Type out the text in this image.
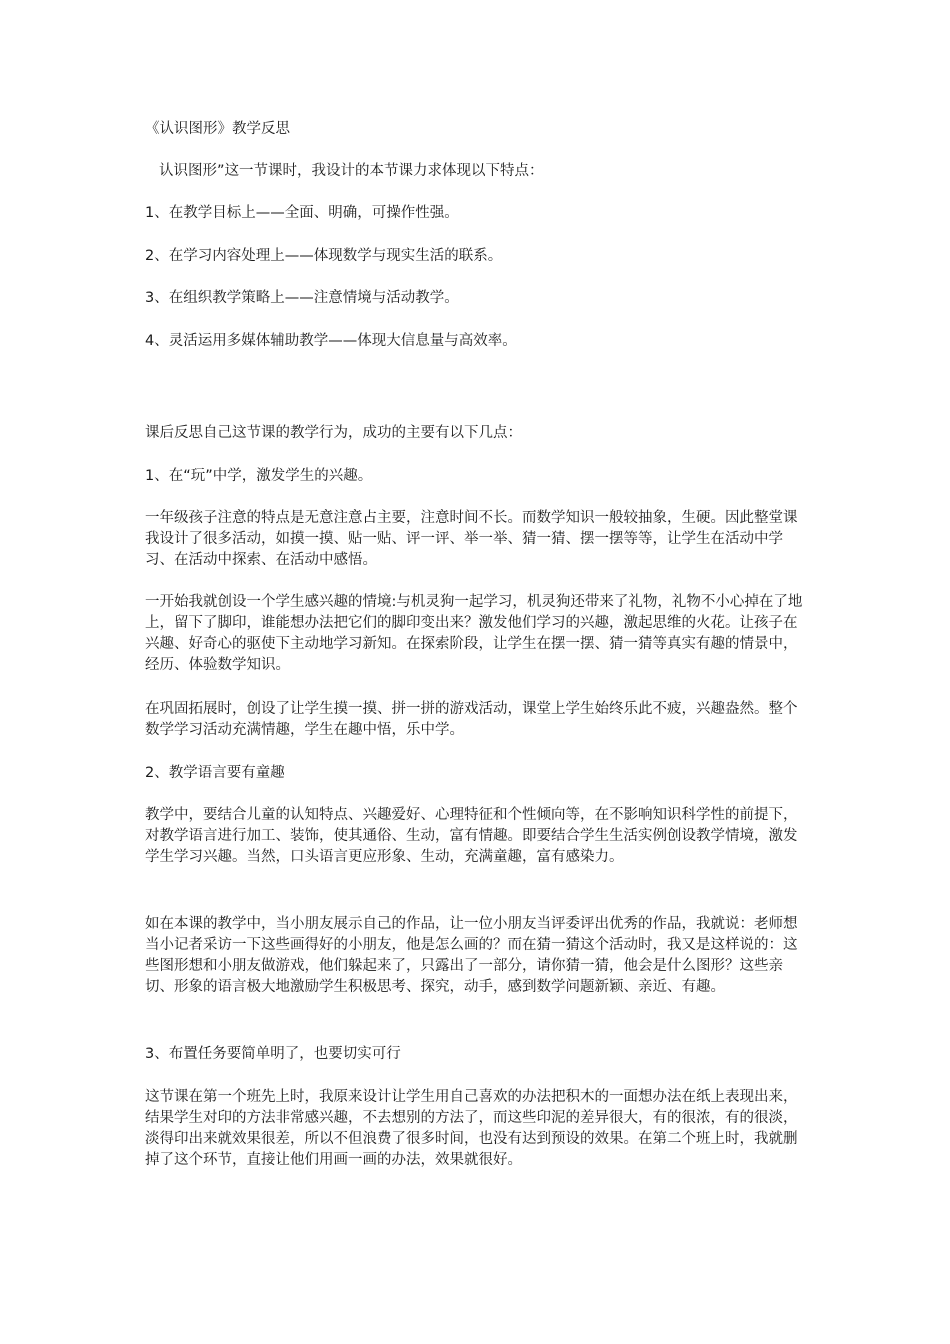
《认识图形》教学反思

认识图形”这一节课时，我设计的本节课力求体现以下特点：

1、在教学目标上——全面、明确，可操作性强。

2、在学习内容处理上——体现数学与现实生活的联系。

3、在组织教学策略上——注意情境与活动教学。

4、灵活运用多媒体辅助教学——体现大信息量与高效率。

课后反思自己这节课的教学行为，成功的主要有以下几点：

1、在“玩”中学，激发学生的兴趣。

一年级孩子注意的特点是无意注意占主要，注意时间不长。而数学知识一般较抽象，生硬。因此整堂课我设计了很多活动，如摸一摸、贴一贴、评一评、举一举、猜一猜、摆一摆等等，让学生在活动中学习、在活动中探索、在活动中感悟。

一开始我就创设一个学生感兴趣的情境:与机灵狗一起学习，机灵狗还带来了礼物，礼物不小心掉在了地上，留下了脚印，谁能想办法把它们的脚印变出来？激发他们学习的兴趣，激起思维的火花。让孩子在兴趣、好奇心的驱使下主动地学习新知。在探索阶段，让学生在摆一摆、猜一猜等真实有趣的情景中，经历、体验数学知识。

在巩固拓展时，创设了让学生摸一摸、拼一拼的游戏活动，课堂上学生始终乐此不疲，兴趣盎然。整个数学学习活动充满情趣，学生在趣中悟，乐中学。

2、教学语言要有童趣

教学中，要结合儿童的认知特点、兴趣爱好、心理特征和个性倾向等，在不影响知识科学性的前提下，对教学语言进行加工、装饰，使其通俗、生动，富有情趣。即要结合学生生活实例创设教学情境，激发学生学习兴趣。当然，口头语言更应形象、生动，充满童趣，富有感染力。

如在本课的教学中，当小朋友展示自己的作品，让一位小朋友当评委评出优秀的作品，我就说：老师想当小记者采访一下这些画得好的小朋友，他是怎么画的？而在猜一猜这个活动时，我又是这样说的：这些图形想和小朋友做游戏，他们躲起来了，只露出了一部分，请你猜一猜，他会是什么图形？这些亲切、形象的语言极大地激励学生积极思考、探究，动手，感到数学问题新颖、亲近、有趣。

3、布置任务要简单明了，也要切实可行

这节课在第一个班先上时，我原来设计让学生用自己喜欢的办法把积木的一面想办法在纸上表现出来，结果学生对印的方法非常感兴趣，不去想别的方法了，而这些印泥的差异很大，有的很浓，有的很淡，淡得印出来就效果很差，所以不但浪费了很多时间，也没有达到预设的效果。在第二个班上时，我就删掉了这个环节，直接让他们用画一画的办法，效果就很好。
